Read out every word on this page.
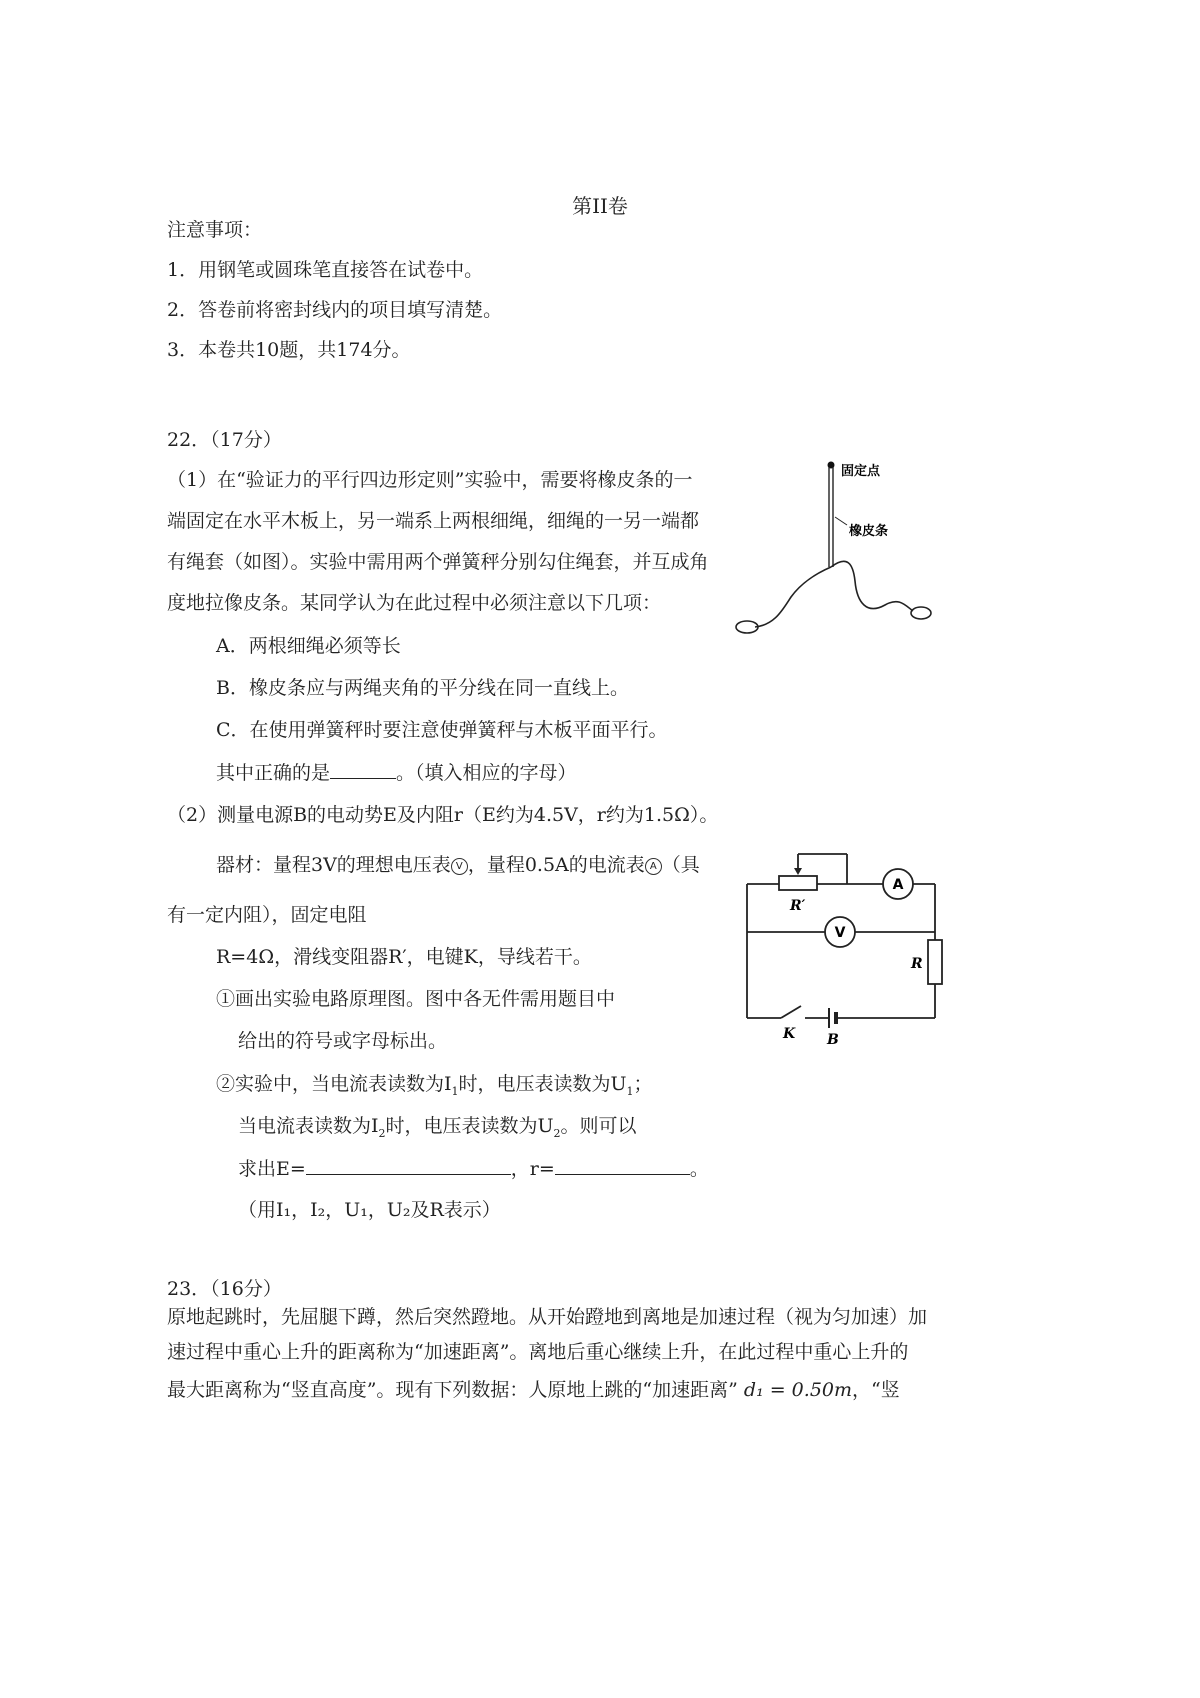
第II卷
注意事项：
1．用钢笔或圆珠笔直接答在试卷中。
2．答卷前将密封线内的项目填写清楚。
3．本卷共10题，共174分。
22．（17分）
（1）在“验证力的平行四边形定则”实验中，需要将橡皮条的一
端固定在水平木板上，另一端系上两根细绳，细绳的一另一端都
有绳套（如图）。实验中需用两个弹簧秤分别勾住绳套，并互成角
度地拉像皮条。某同学认为在此过程中必须注意以下几项：
A．两根细绳必须等长
B．橡皮条应与两绳夹角的平分线在同一直线上。
C．在使用弹簧秤时要注意使弹簧秤与木板平面平行。
其中正确的是	。（填入相应的字母）
固定点
橡皮条
（2）测量电源B的电动势E及内阻r（E约为4.5V，r约为1.5Ω）。
器材：量程3V的理想电压表 V ，量程0.5A的电流表 A （具
有一定内阻），固定电阻
R=4Ω，滑线变阻器R′，电键K，导线若干。
①画出实验电路原理图。图中各无件需用题目中
给出的符号或字母标出。
②实验中，当电流表读数为$I_1$时，电压表读数为$U_1$；
当电流表读数为$I_2$时，电压表读数为$U_2$。则可以
求出E=	，r=	。
（用I₁，I₂，U₁，U₂及R表示）
A
V
R′
R
K B
23．（16分）
原地起跳时，先屈腿下蹲，然后突然蹬地。从开始蹬地到离地是加速过程（视为匀加速）加
速过程中重心上升的距离称为“加速距离”。离地后重心继续上升，在此过程中重心上升的
最大距离称为“竖直高度”。现有下列数据：人原地上跳的“加速距离” d₁ = 0.50m，“竖
